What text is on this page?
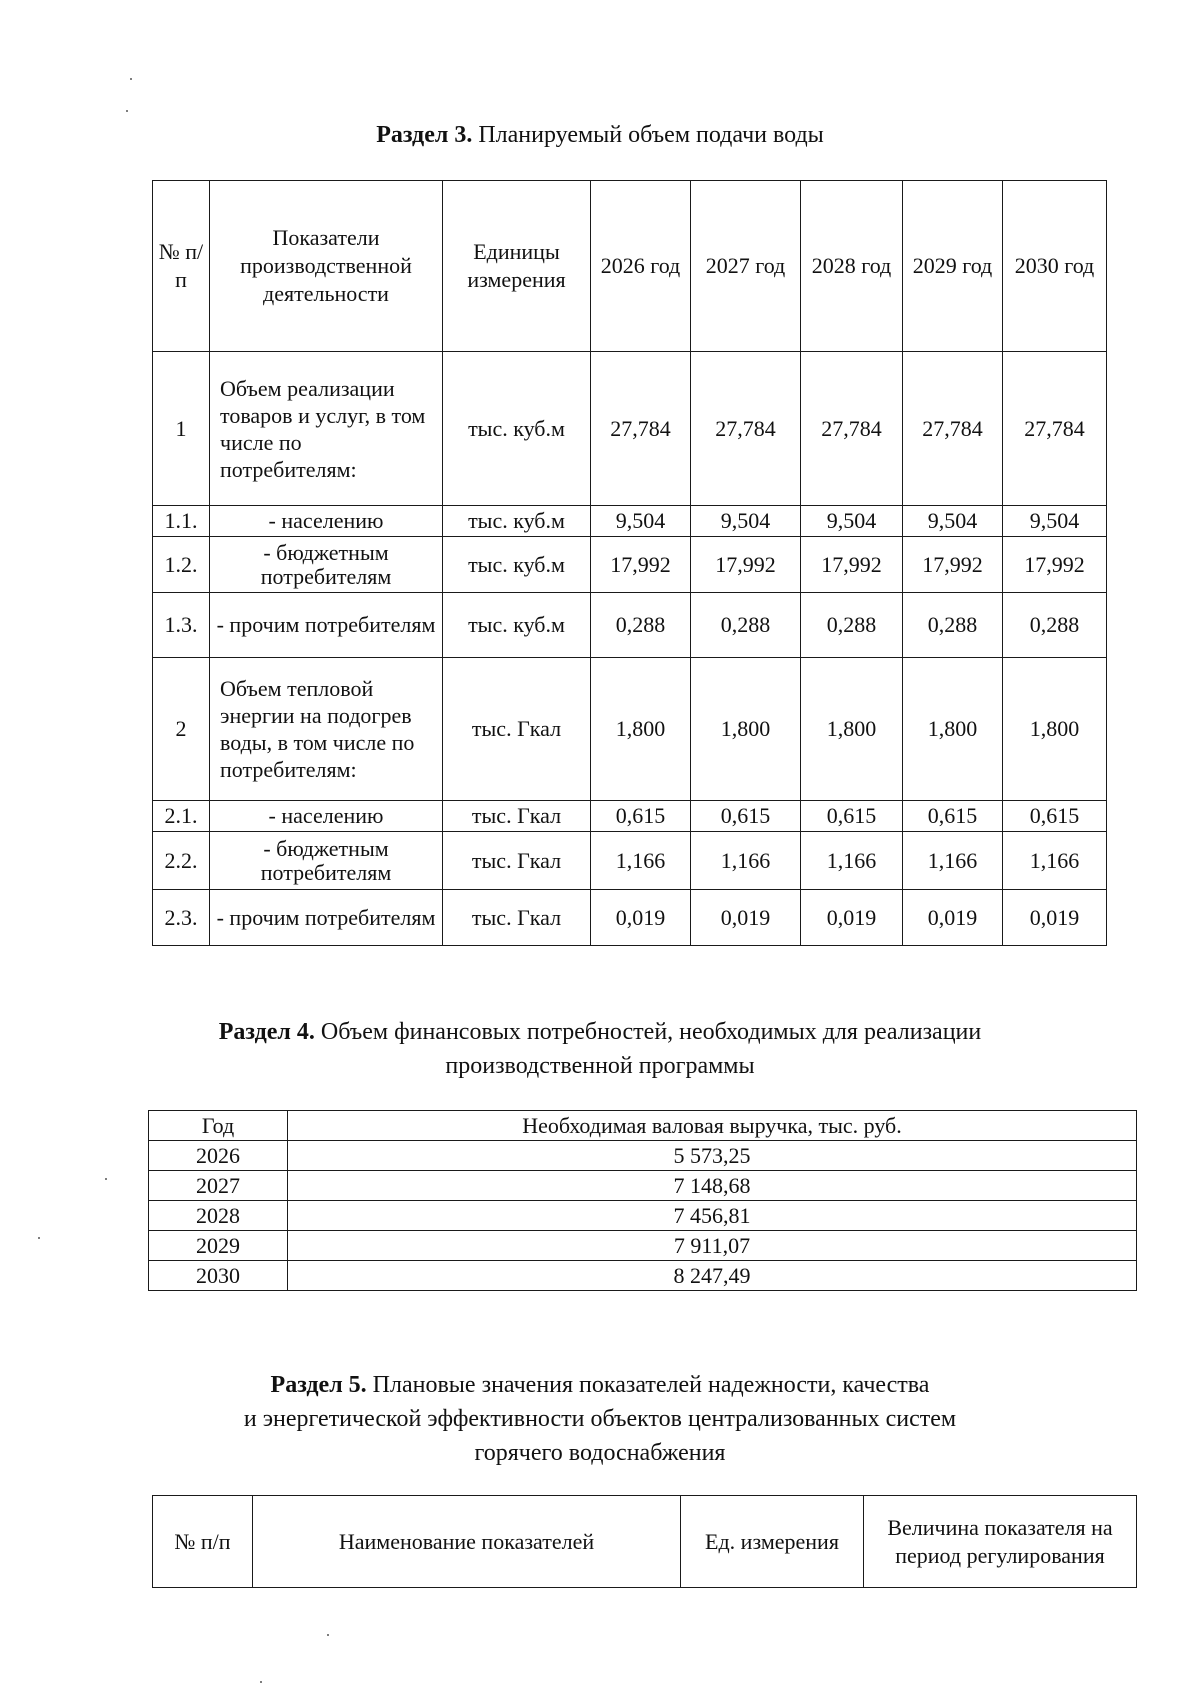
Раздел 3. Планируемый объем подачи воды
№ п/п	Показатели производственной деятельности	Единицы измерения	2026 год	2027 год	2028 год	2029 год	2030 год
1	Объем реализации товаров и услуг, в том числе по потребителям:	тыс. куб.м	27,784	27,784	27,784	27,784	27,784
1.1.	- населению	тыс. куб.м	9,504	9,504	9,504	9,504	9,504
1.2.	- бюджетным потребителям	тыс. куб.м	17,992	17,992	17,992	17,992	17,992
1.3.	- прочим потребителям	тыс. куб.м	0,288	0,288	0,288	0,288	0,288
2	Объем тепловой энергии на подогрев воды, в том числе по потребителям:	тыс. Гкал	1,800	1,800	1,800	1,800	1,800
2.1.	- населению	тыс. Гкал	0,615	0,615	0,615	0,615	0,615
2.2.	- бюджетным потребителям	тыс. Гкал	1,166	1,166	1,166	1,166	1,166
2.3.	- прочим потребителям	тыс. Гкал	0,019	0,019	0,019	0,019	0,019
Раздел 4. Объем финансовых потребностей, необходимых для реализации
производственной программы
Год	Необходимая валовая выручка, тыс. руб.
2026	5 573,25
2027	7 148,68
2028	7 456,81
2029	7 911,07
2030	8 247,49
Раздел 5. Плановые значения показателей надежности, качества
и энергетической эффективности объектов централизованных систем
горячего водоснабжения
№ п/п	Наименование показателей	Ед. измерения	Величина показателя на период регулирования
